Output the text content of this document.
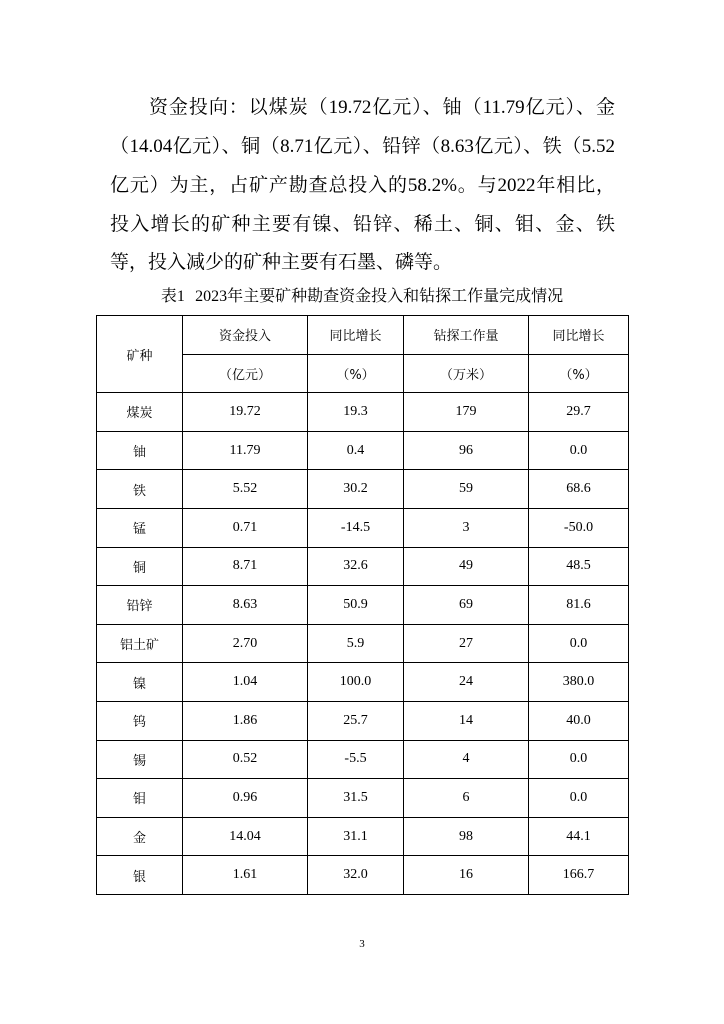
资金投向：以煤炭（19.72亿元）、铀（11.79亿元）、金（14.04亿元）、铜（8.71亿元）、铅锌（8.63亿元）、铁（5.52亿元）为主，占矿产勘查总投入的58.2%。与2022年相比，投入增长的矿种主要有镍、铅锌、稀土、铜、钼、金、铁等，投入减少的矿种主要有石墨、磷等。

表1 2023年主要矿种勘查资金投入和钻探工作量完成情况

矿种	资金投入	同比增长	钻探工作量	同比增长
	（亿元）	（%）	（万米）	（%）
煤炭	19.72	19.3	179	29.7
铀	11.79	0.4	96	0.0
铁	5.52	30.2	59	68.6
锰	0.71	-14.5	3	-50.0
铜	8.71	32.6	49	48.5
铅锌	8.63	50.9	69	81.6
铝土矿	2.70	5.9	27	0.0
镍	1.04	100.0	24	380.0
钨	1.86	25.7	14	40.0
锡	0.52	-5.5	4	0.0
钼	0.96	31.5	6	0.0
金	14.04	31.1	98	44.1
银	1.61	32.0	16	166.7
3
